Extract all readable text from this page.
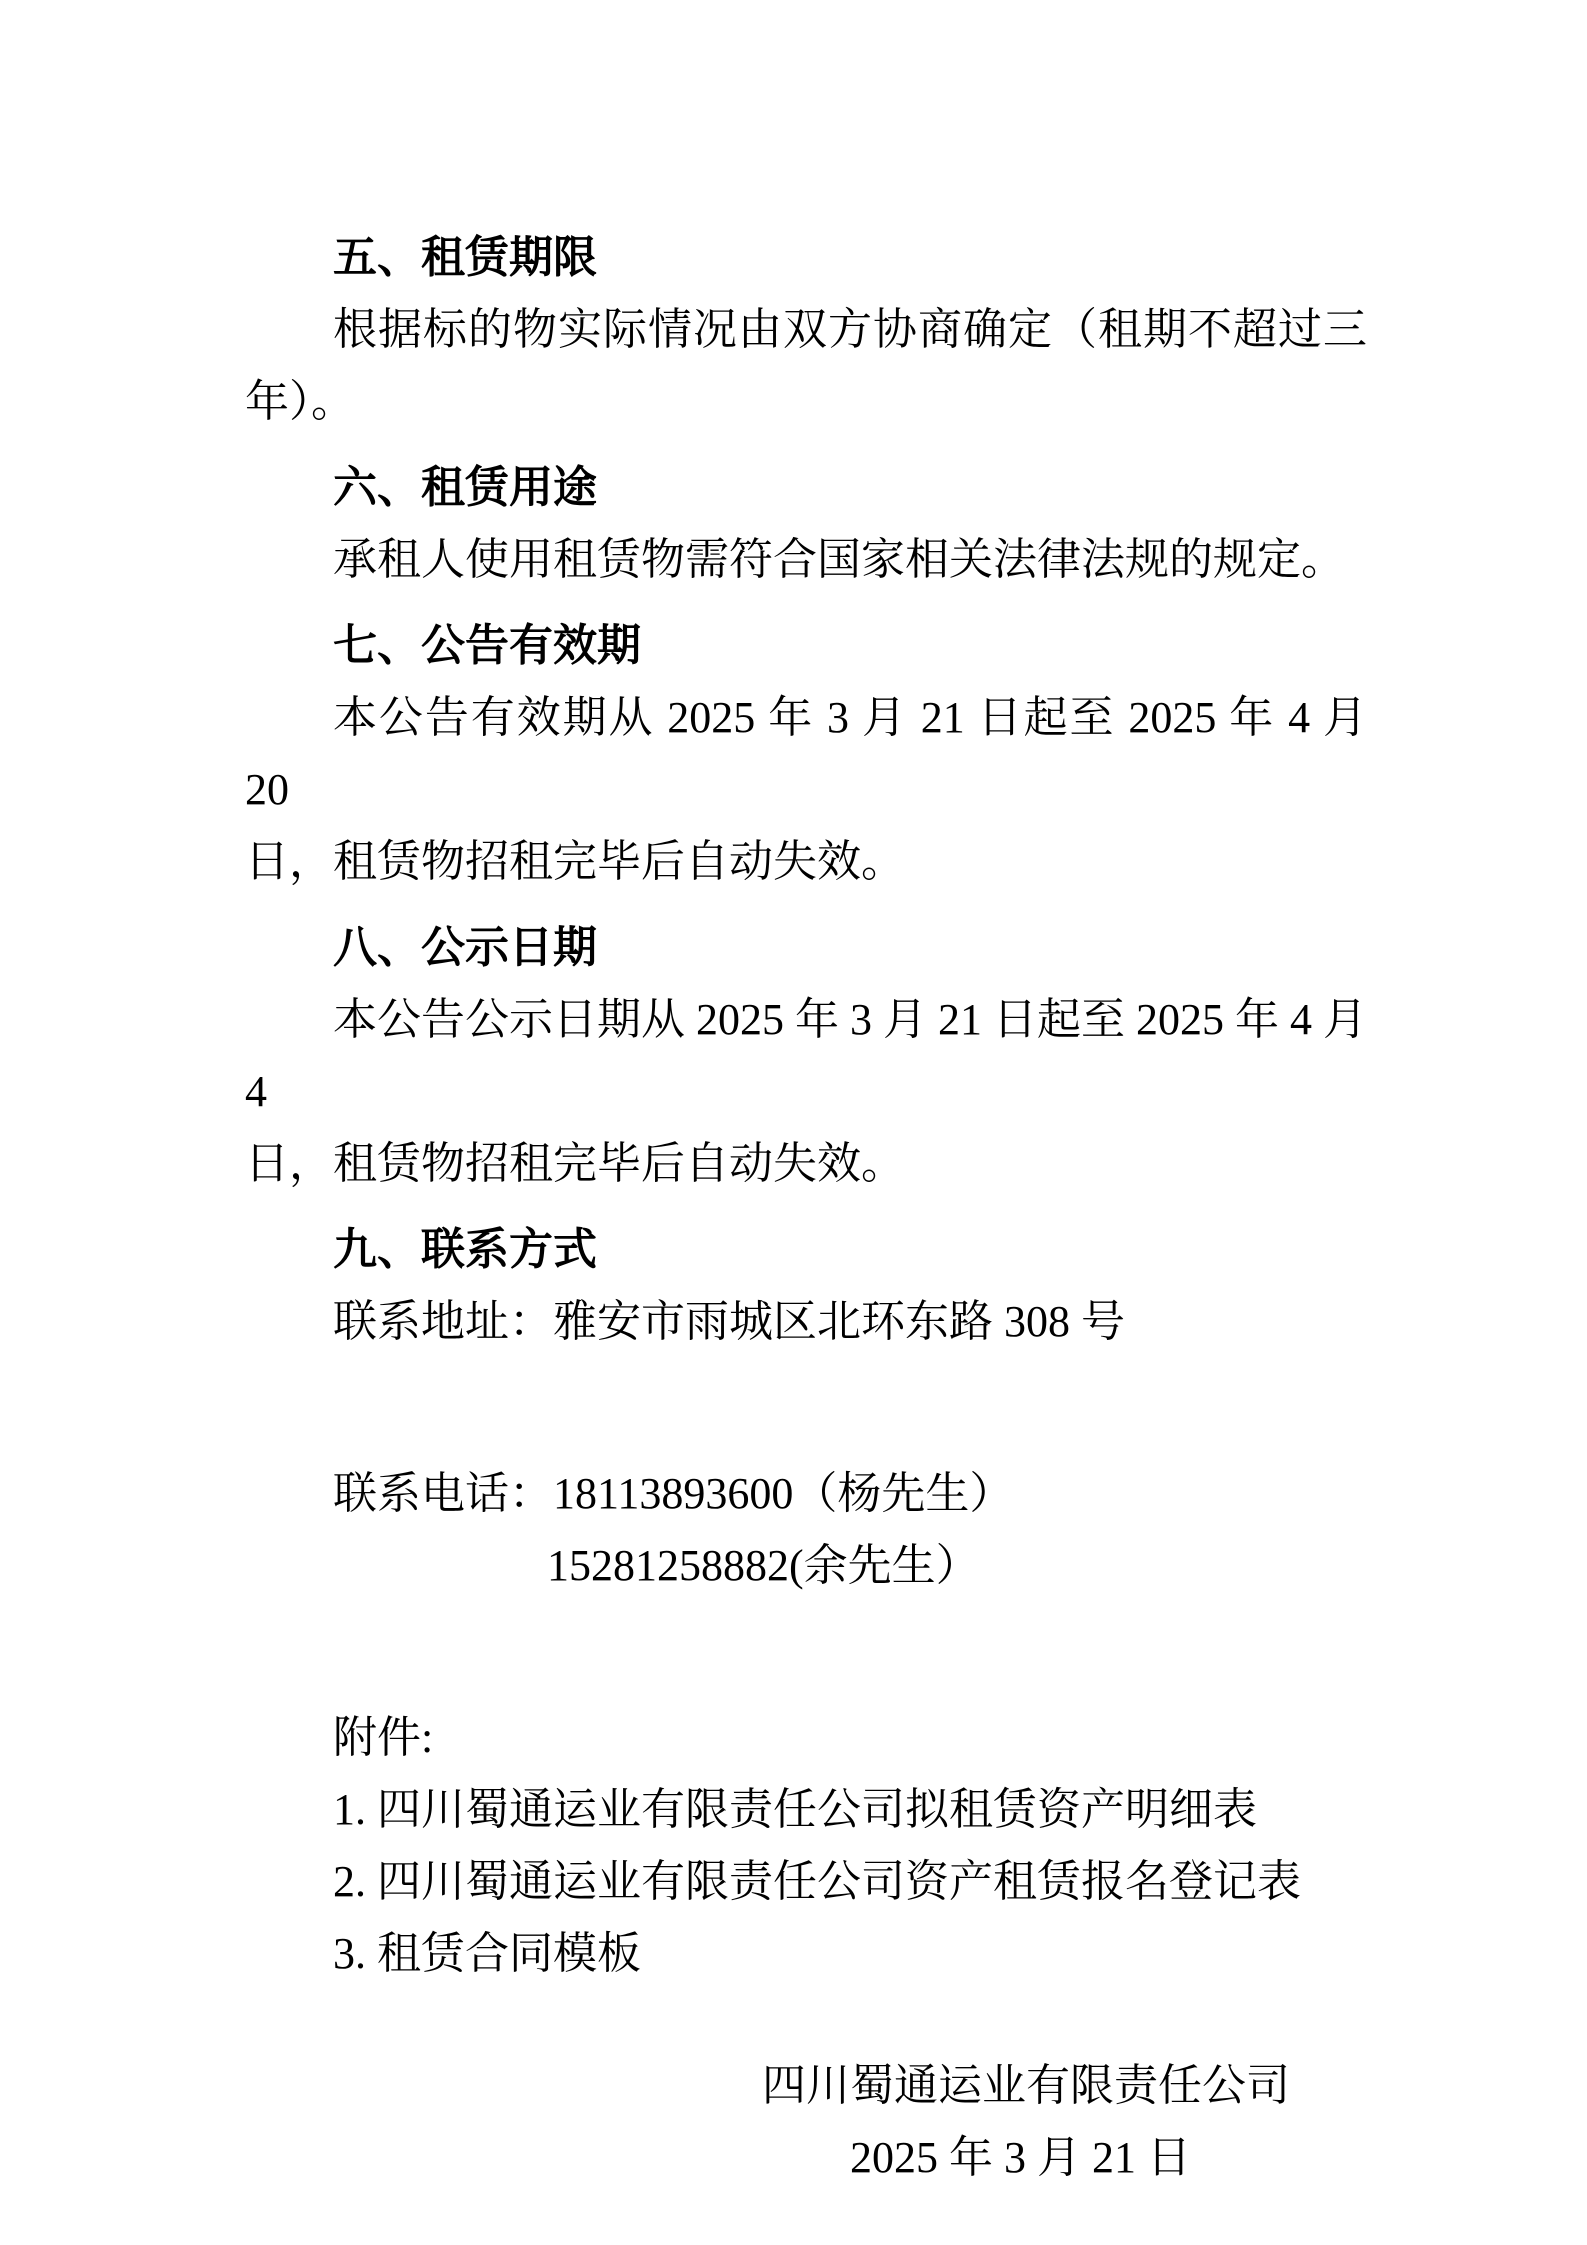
五、租赁期限
根据标的物实际情况由双方协商确定（租期不超过三
年）。
六、租赁用途
承租人使用租赁物需符合国家相关法律法规的规定。
七、公告有效期
本公告有效期从 2025 年 3 月 21 日起至 2025 年 4 月 20
日，租赁物招租完毕后自动失效。
八、公示日期
本公告公示日期从 2025 年 3 月 21 日起至 2025 年 4 月 4
日，租赁物招租完毕后自动失效。
九、联系方式
联系地址：雅安市雨城区北环东路 308 号
联系电话：18113893600（杨先生）
15281258882(余先生）
附件:
1. 四川蜀通运业有限责任公司拟租赁资产明细表
2. 四川蜀通运业有限责任公司资产租赁报名登记表
3. 租赁合同模板
四川蜀通运业有限责任公司
2025 年 3 月 21 日
